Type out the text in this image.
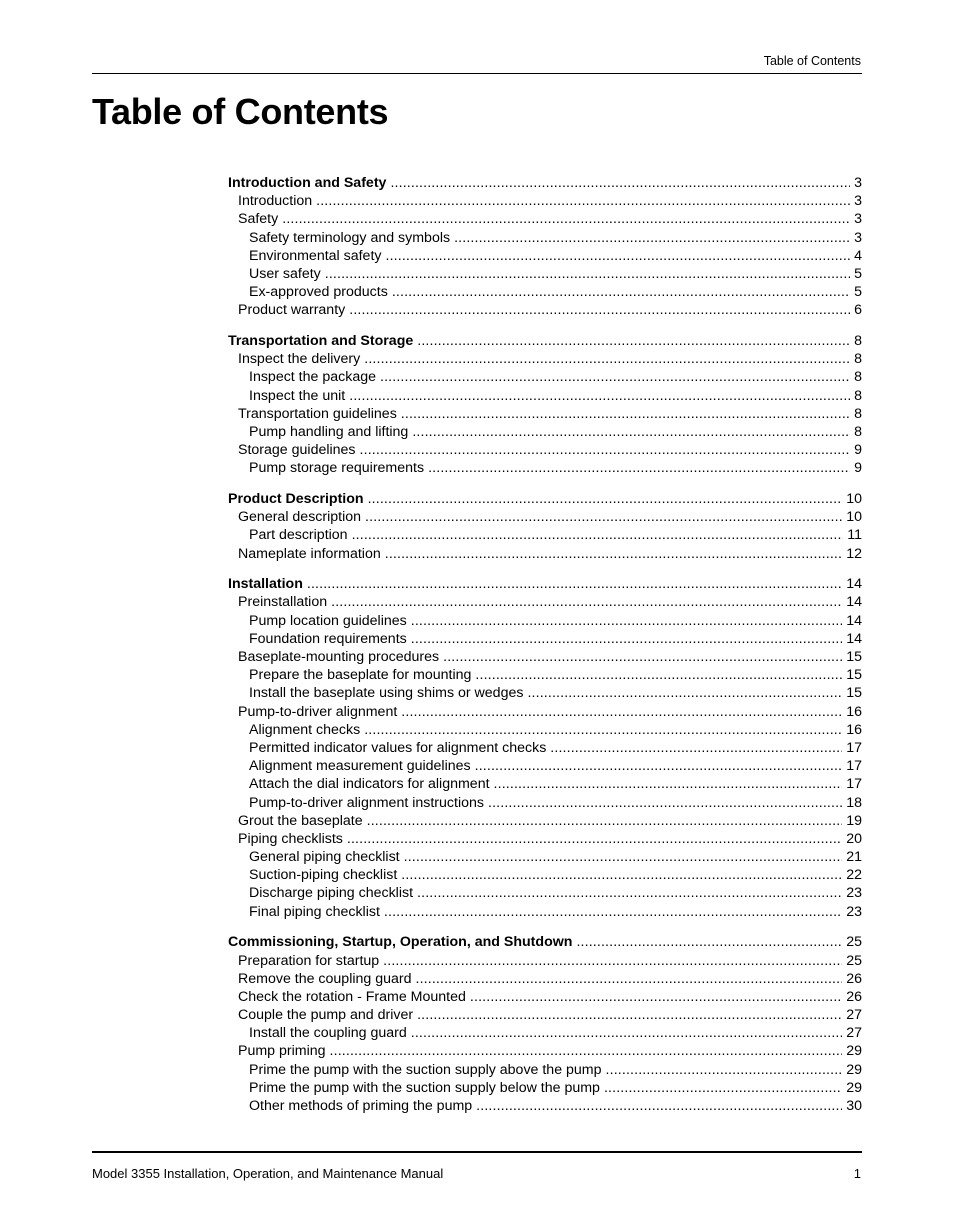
Table of Contents
Table of Contents
Introduction and Safety . . .	3
Introduction . . .	3
Safety . . .	3
Safety terminology and symbols . . .	3
Environmental safety . . .	4
User safety . . .	5
Ex-approved products . . .	5
Product warranty . . .	6
Transportation and Storage . . .	8
Inspect the delivery . . .	8
Inspect the package . . .	8
Inspect the unit . . .	8
Transportation guidelines . . .	8
Pump handling and lifting . . .	8
Storage guidelines . . .	9
Pump storage requirements . . .	9
Product Description . . .	10
General description . . .	10
Part description . . .	11
Nameplate information . . .	12
Installation . . .	14
Preinstallation . . .	14
Pump location guidelines . . .	14
Foundation requirements . . .	14
Baseplate-mounting procedures . . .	15
Prepare the baseplate for mounting . . .	15
Install the baseplate using shims or wedges . . .	15
Pump-to-driver alignment . . .	16
Alignment checks . . .	16
Permitted indicator values for alignment checks . . .	17
Alignment measurement guidelines . . .	17
Attach the dial indicators for alignment . . .	17
Pump-to-driver alignment instructions . . .	18
Grout the baseplate . . .	19
Piping checklists . . .	20
General piping checklist . . .	21
Suction-piping checklist . . .	22
Discharge piping checklist . . .	23
Final piping checklist . . .	23
Commissioning, Startup, Operation, and Shutdown . . .	25
Preparation for startup . . .	25
Remove the coupling guard . . .	26
Check the rotation - Frame Mounted . . .	26
Couple the pump and driver . . .	27
Install the coupling guard . . .	27
Pump priming . . .	29
Prime the pump with the suction supply above the pump . . .	29
Prime the pump with the suction supply below the pump . . .	29
Other methods of priming the pump . . .	30
Model 3355 Installation, Operation, and Maintenance Manual	1
